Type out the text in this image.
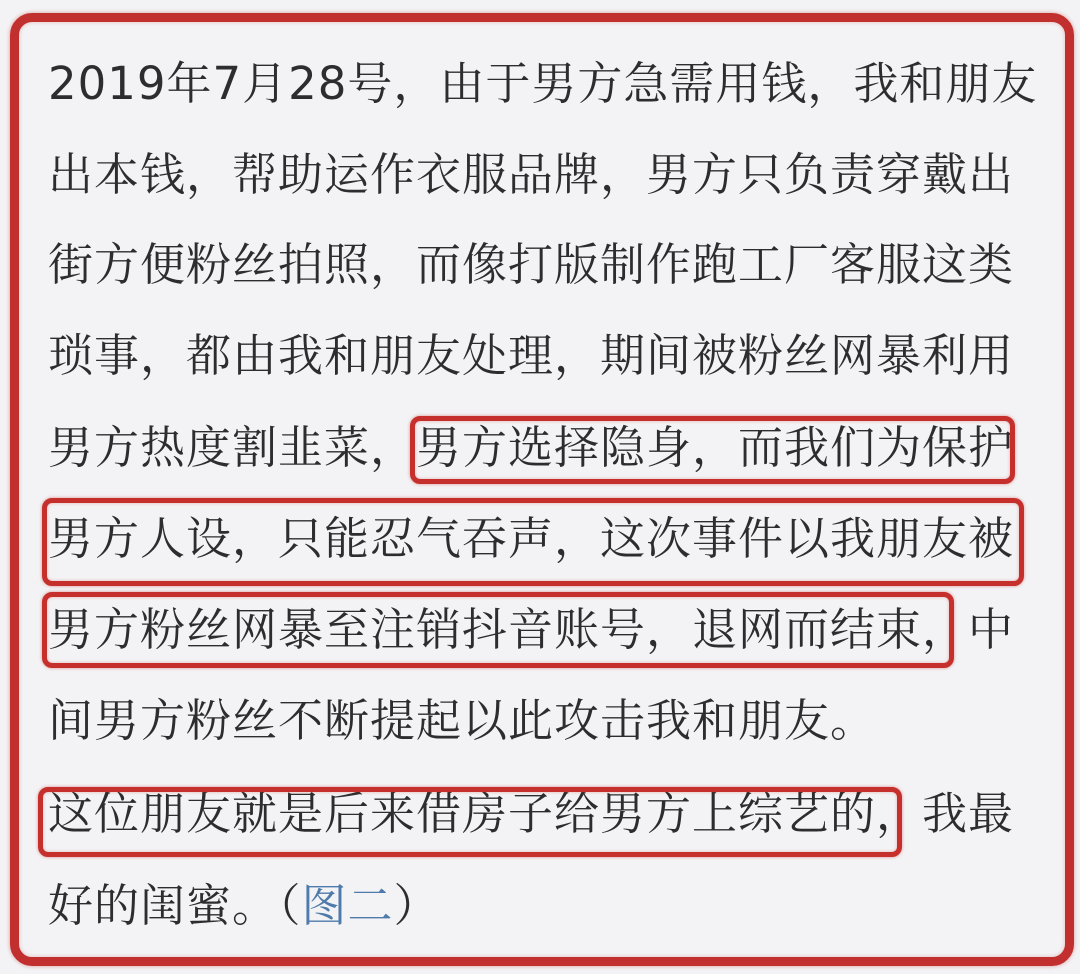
2019年7月28号，由于男方急需用钱，我和朋友
出本钱，帮助运作衣服品牌，男方只负责穿戴出
街方便粉丝拍照，而像打版制作跑工厂客服这类
琐事，都由我和朋友处理，期间被粉丝网暴利用
男方热度割韭菜，男方选择隐身，而我们为保护
男方人设，只能忍气吞声，这次事件以我朋友被
男方粉丝网暴至注销抖音账号，退网而结束，中
间男方粉丝不断提起以此攻击我和朋友。
这位朋友就是后来借房子给男方上综艺的，我最
好的闺蜜。（图二）
